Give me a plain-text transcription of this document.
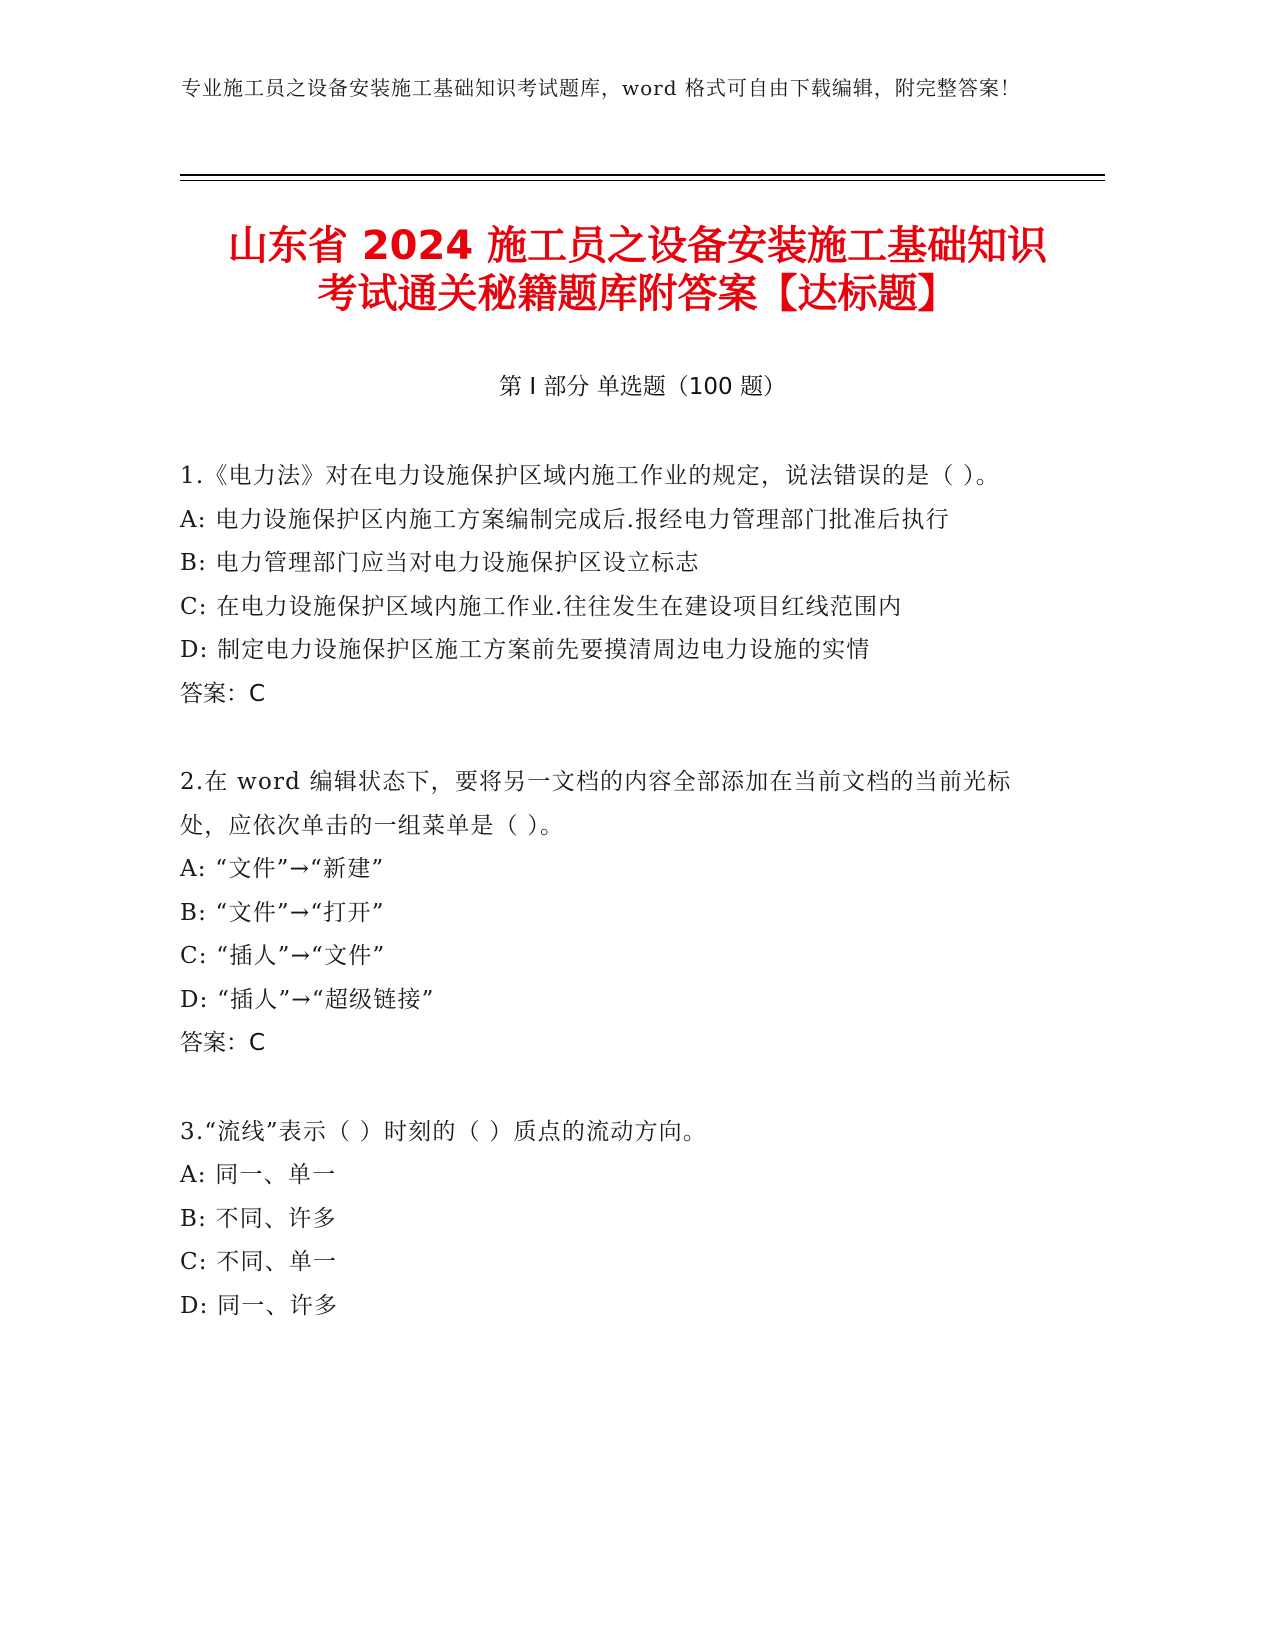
专业施工员之设备安装施工基础知识考试题库，word 格式可自由下载编辑，附完整答案！
山东省 2024 施工员之设备安装施工基础知识
考试通关秘籍题库附答案【达标题】
第 I 部分 单选题（100 题）
1.《电力法》对在电力设施保护区域内施工作业的规定，说法错误的是（ ）。
A: 电力设施保护区内施工方案编制完成后.报经电力管理部门批准后执行
B: 电力管理部门应当对电力设施保护区设立标志
C: 在电力设施保护区域内施工作业.往往发生在建设项目红线范围内
D: 制定电力设施保护区施工方案前先要摸清周边电力设施的实情
答案：C
2.在 word 编辑状态下，要将另一文档的内容全部添加在当前文档的当前光标处，应依次单击的一组菜单是（ ）。
A: “文件”→“新建”
B: “文件”→“打开”
C: “插人”→“文件”
D: “插人”→“超级链接”
答案：C
3.“流线”表示（ ）时刻的（ ）质点的流动方向。
A: 同一、单一
B: 不同、许多
C: 不同、单一
D: 同一、许多
